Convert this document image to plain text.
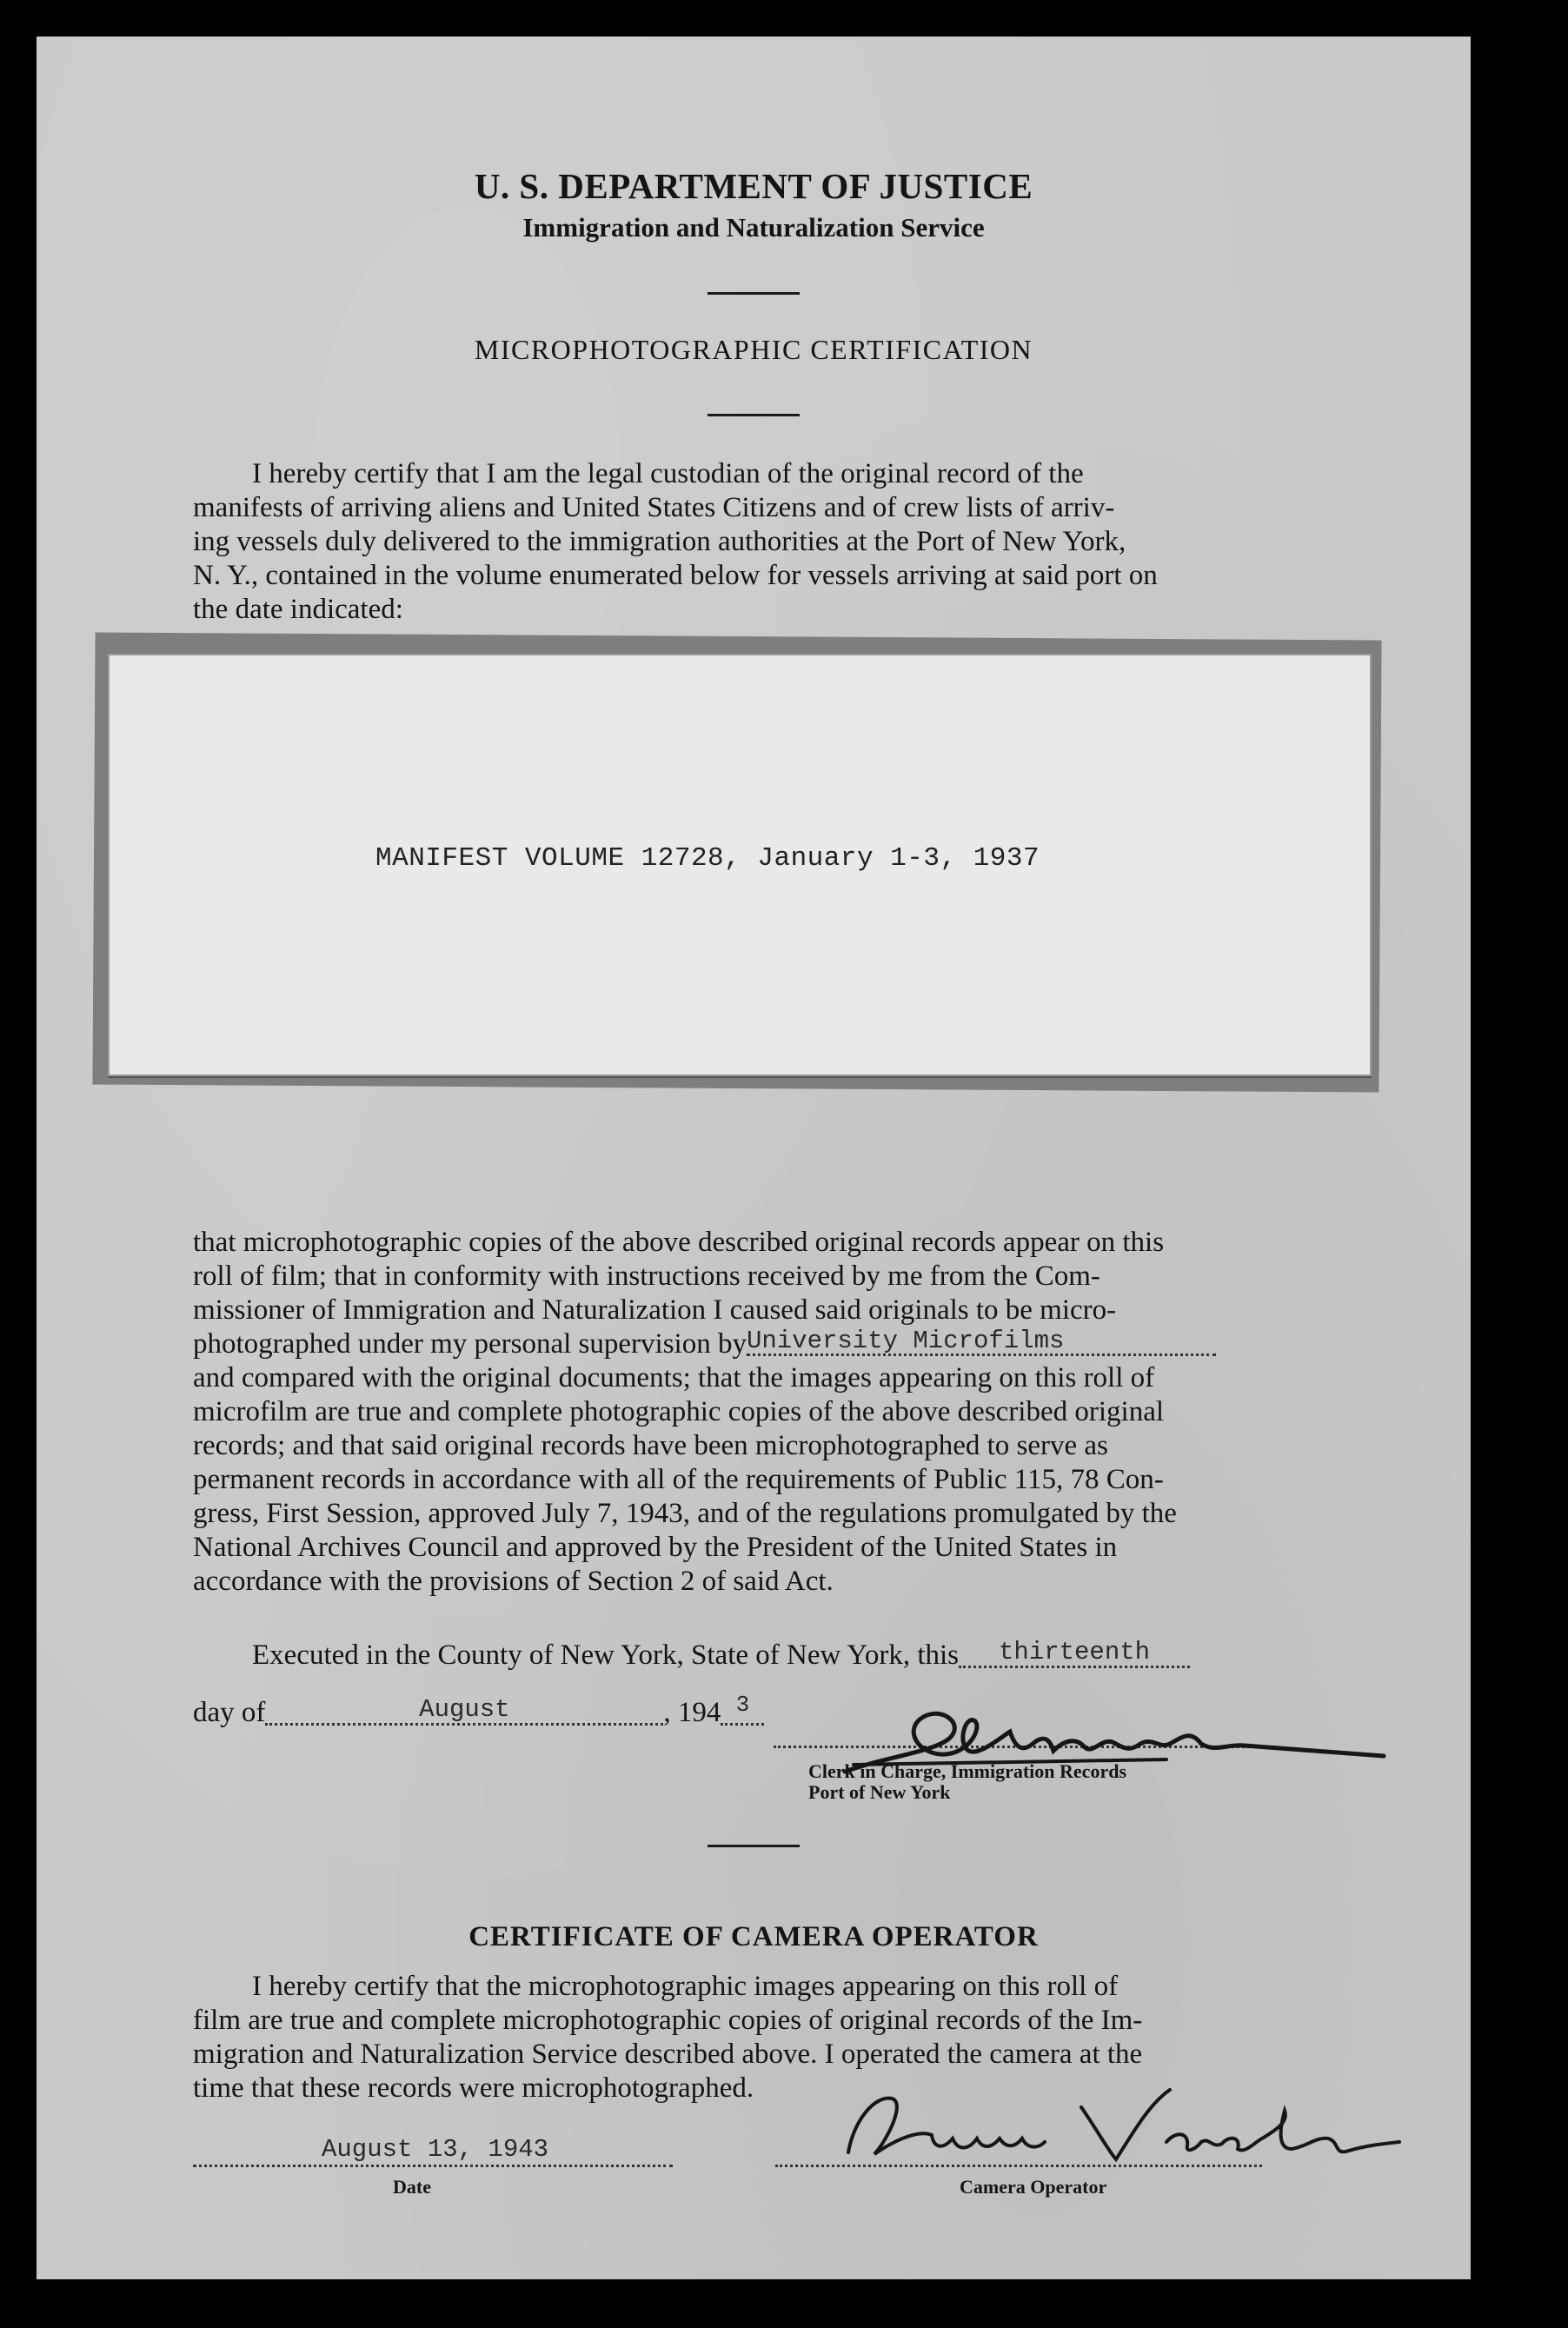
U. S. DEPARTMENT OF JUSTICE
Immigration and Naturalization Service
MICROPHOTOGRAPHIC CERTIFICATION

I hereby certify that I am the legal custodian of the original record of the

manifests of arriving aliens and United States Citizens and of crew lists of arriv-

ing vessels duly delivered to the immigration authorities at the Port of New York,

N. Y., contained in the volume enumerated below for vessels arriving at said port on

the date indicated:

MANIFEST VOLUME 12728, January 1-3, 1937

that microphotographic copies of the above described original records appear on this

roll of film; that in conformity with instructions received by me from the Com-

missioner of Immigration and Naturalization I caused said originals to be micro-

photographed under my personal supervision byUniversity Microfilms

and compared with the original documents; that the images appearing on this roll of

microfilm are true and complete photographic copies of the above described original

records; and that said original records have been microphotographed to serve as

permanent records in accordance with all of the requirements of Public 115, 78 Con-

gress, First Session, approved July 7, 1943, and of the regulations promulgated by the

National Archives Council and approved by the President of the United States in

accordance with the provisions of Section 2 of said Act.

Executed in the County of New York, State of New York, this thirteenth
day of	August	, 194 $^3$
Clerk in Charge, Immigration Records
Port of New York
CERTIFICATE OF CAMERA OPERATOR

I hereby certify that the microphotographic images appearing on this roll of

film are true and complete microphotographic copies of original records of the Im-

migration and Naturalization Service described above. I operated the camera at the

time that these records were microphotographed.

August 13, 1943
Date	Camera Operator
